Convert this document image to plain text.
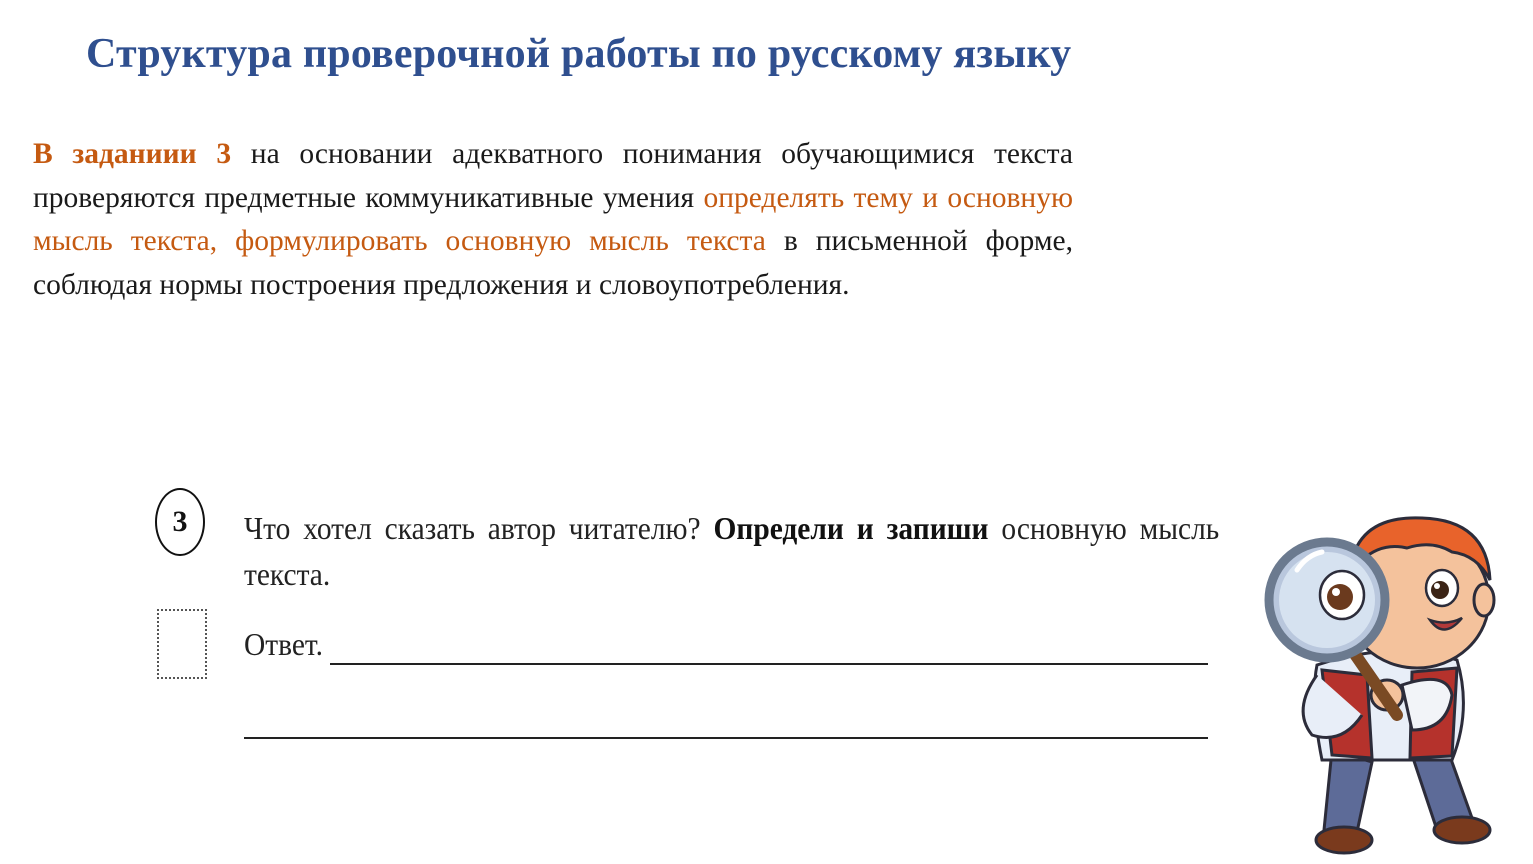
Структура проверочной работы по русскому языку
В заданиии 3 на основании адекватного понимания обучающимися текста проверяются предметные коммуникативные умения определять тему и основную мысль текста, формулировать основную мысль текста в письменной форме, соблюдая нормы построения предложения и словоупотребления.
3	Что хотел сказать автор читателю? Определи и запиши основную мысль текста.
Ответ.
